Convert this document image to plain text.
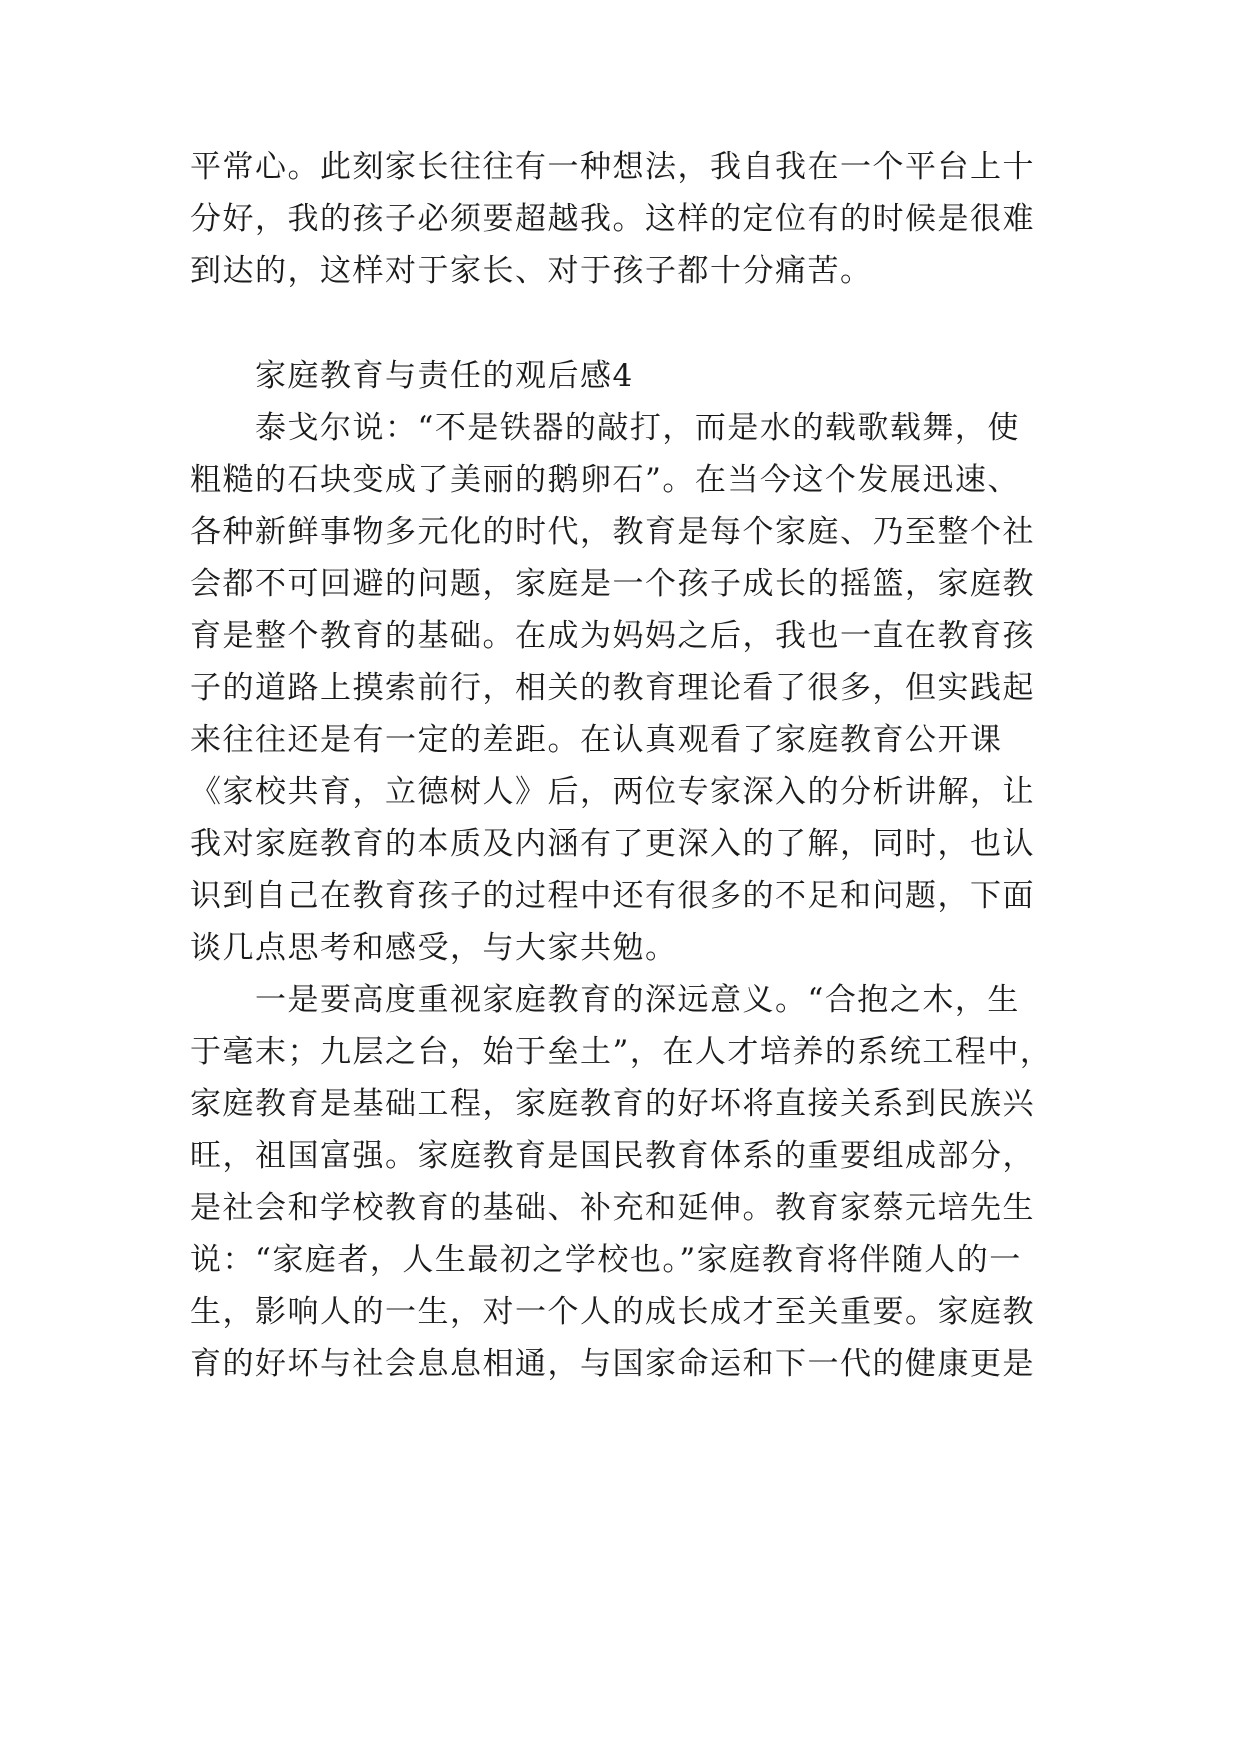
平常心。此刻家长往往有一种想法，我自我在一个平台上十
分好，我的孩子必须要超越我。这样的定位有的时候是很难
到达的，这样对于家长、对于孩子都十分痛苦。
家庭教育与责任的观后感4
泰戈尔说：“不是铁器的敲打，而是水的载歌载舞，使
粗糙的石块变成了美丽的鹅卵石”。在当今这个发展迅速、
各种新鲜事物多元化的时代，教育是每个家庭、乃至整个社
会都不可回避的问题，家庭是一个孩子成长的摇篮，家庭教
育是整个教育的基础。在成为妈妈之后，我也一直在教育孩
子的道路上摸索前行，相关的教育理论看了很多，但实践起
来往往还是有一定的差距。在认真观看了家庭教育公开课
《家校共育，立德树人》后，两位专家深入的分析讲解，让
我对家庭教育的本质及内涵有了更深入的了解，同时，也认
识到自己在教育孩子的过程中还有很多的不足和问题，下面
谈几点思考和感受，与大家共勉。
一是要高度重视家庭教育的深远意义。“合抱之木，生
于毫末；九层之台，始于垒土”，在人才培养的系统工程中，
家庭教育是基础工程，家庭教育的好坏将直接关系到民族兴
旺，祖国富强。家庭教育是国民教育体系的重要组成部分，
是社会和学校教育的基础、补充和延伸。教育家蔡元培先生
说：“家庭者，人生最初之学校也。”家庭教育将伴随人的一
生，影响人的一生，对一个人的成长成才至关重要。家庭教
育的好坏与社会息息相通，与国家命运和下一代的健康更是
